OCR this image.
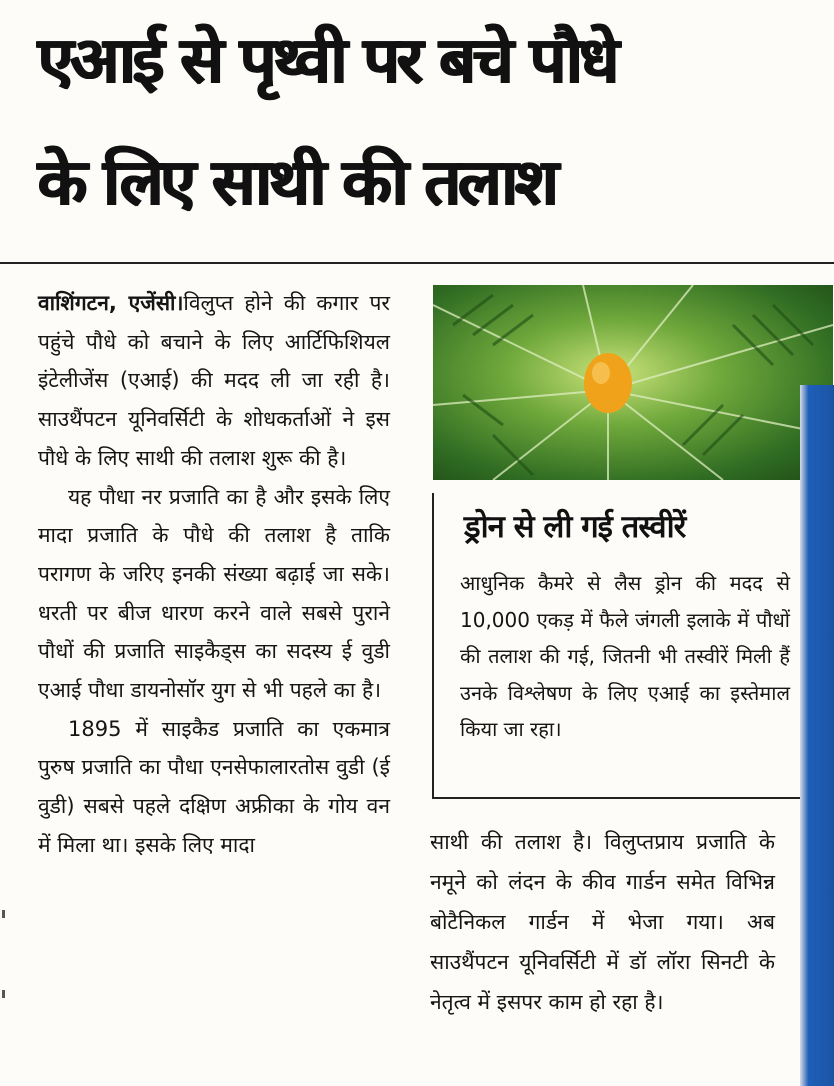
एआई से पृथ्वी पर बचे पौधे
के लिए साथी की तलाश

वाशिंगटन, एजेंसी।विलुप्त होने की कगार पर पहुंचे पौधे को बचाने के लिए आर्टिफिशियल इंटेलीजेंस (एआई) की मदद ली जा रही है। साउथैंपटन यूनिवर्सिटी के शोधकर्ताओं ने इस पौधे के लिए साथी की तलाश शुरू की है।

यह पौधा नर प्रजाति का है और इसके लिए मादा प्रजाति के पौधे की तलाश है ताकि परागण के जरिए इनकी संख्या बढ़ाई जा सके। धरती पर बीज धारण करने वाले सबसे पुराने पौधों की प्रजाति साइकैड्स का सदस्य ई वुडी एआई पौधा डायनोसॉर युग से भी पहले का है।

1895 में साइकैड प्रजाति का एकमात्र पुरुष प्रजाति का पौधा एनसेफालारतोस वुडी (ई वुडी) सबसे पहले दक्षिण अफ्रीका के गोय वन में मिला था। इसके लिए मादा

ड्रोन से ली गई तस्वीरें
आधुनिक कैमरे से लैस ड्रोन की मदद से 10,000 एकड़ में फैले जंगली इलाके में पौधों की तलाश की गई, जितनी भी तस्वीरें मिली हैं उनके विश्लेषण के लिए एआई का इस्तेमाल किया जा रहा।
साथी की तलाश है। विलुप्तप्राय प्रजाति के नमूने को लंदन के कीव गार्डन समेत विभिन्न बोटैनिकल गार्डन में भेजा गया। अब साउथैंपटन यूनिवर्सिटी में डॉ लॉरा सिनटी के नेतृत्व में इसपर काम हो रहा है।
